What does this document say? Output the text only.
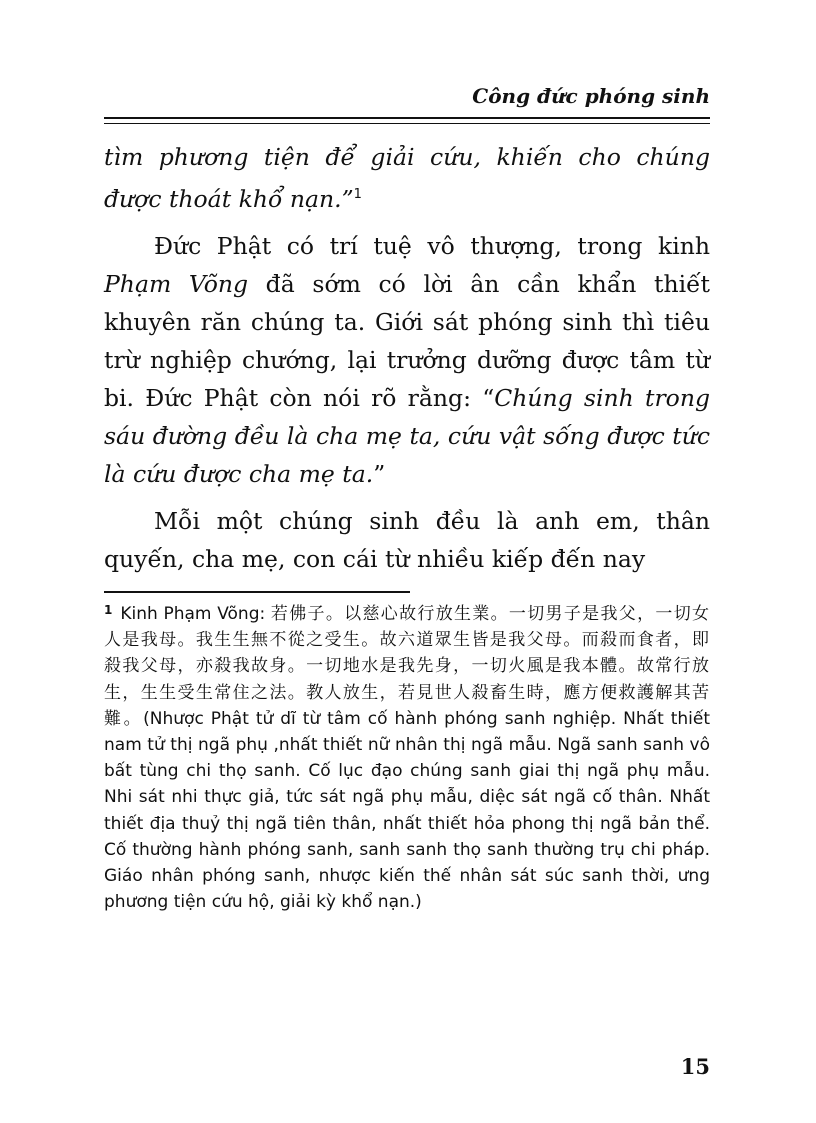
Công đức phóng sinh

tìm phương tiện để giải cứu, khiến cho chúng được thoát khổ nạn.”$^1$

Đức Phật có trí tuệ vô thượng, trong kinh Phạm Võng đã sớm có lời ân cần khẩn thiết khuyên răn chúng ta. Giới sát phóng sinh thì tiêu trừ nghiệp chướng, lại trưởng dưỡng được tâm từ bi. Đức Phật còn nói rõ rằng: “Chúng sinh trong sáu đường đều là cha mẹ ta, cứu vật sống được tức là cứu được cha mẹ ta.”

Mỗi một chúng sinh đều là anh em, thân quyến, cha mẹ, con cái từ nhiều kiếp đến nay

$^1$ Kinh Phạm Võng: 若佛子。以慈心故行放生業。一切男子是我父，一切女人是我母。我生生無不從之受生。故六道眾生皆是我父母。而殺而食者，即殺我父母，亦殺我故身。一切地水是我先身，一切火風是我本體。故常行放生，生生受生常住之法。教人放生，若見世人殺畜生時，應方便救護解其苦難。(Nhược Phật tử dĩ từ tâm cố hành phóng sanh nghiệp. Nhất thiết nam tử thị ngã phụ ,nhất thiết nữ nhân thị ngã mẫu. Ngã sanh sanh vô bất tùng chi thọ sanh. Cố lục đạo chúng sanh giai thị ngã phụ mẫu. Nhi sát nhi thực giả, tức sát ngã phụ mẫu, diệc sát ngã cố thân. Nhất thiết địa thuỷ thị ngã tiên thân, nhất thiết hỏa phong thị ngã bản thể. Cố thường hành phóng sanh, sanh sanh thọ sanh thường trụ chi pháp. Giáo nhân phóng sanh, nhược kiến thế nhân sát súc sanh thời, ưng phương tiện cứu hộ, giải kỳ khổ nạn.)
15
